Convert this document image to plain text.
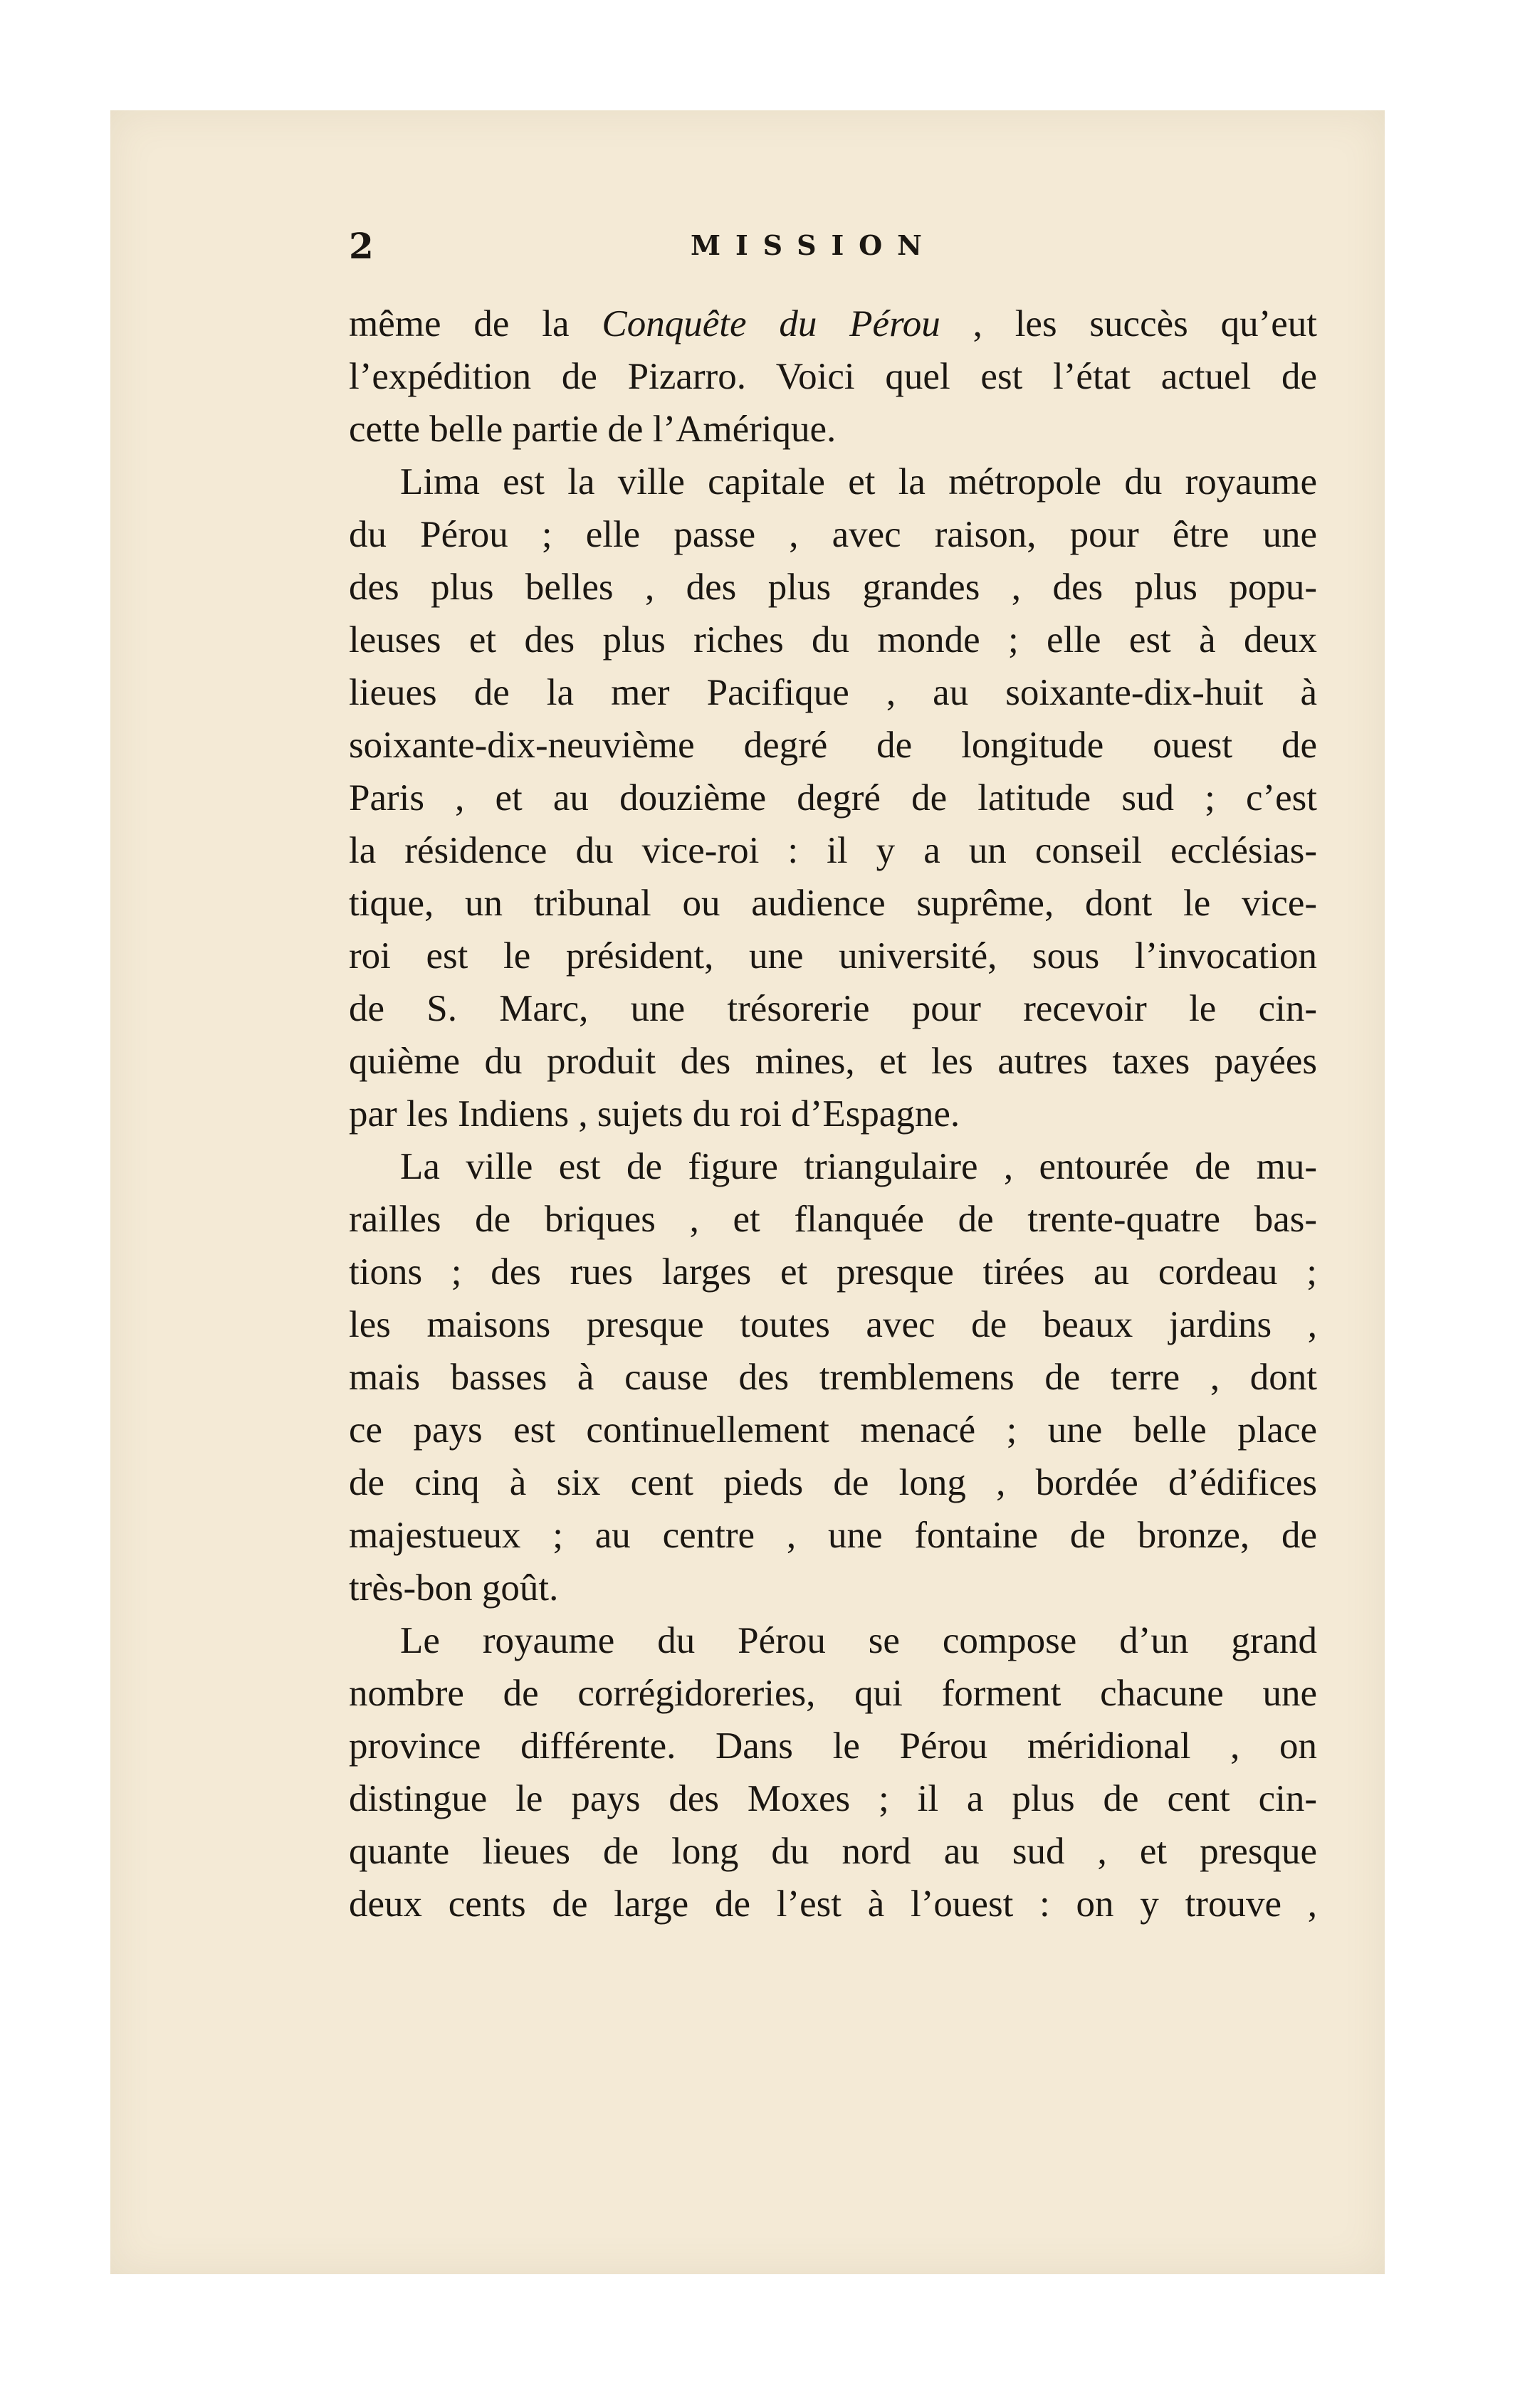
2	MISSION
même de la Conquête du Pérou , les succès qu’eut
l’expédition de Pizarro. Voici quel est l’état actuel de
cette belle partie de l’Amérique.
Lima est la ville capitale et la métropole du royaume
du Pérou ; elle passe , avec raison, pour être une
des plus belles , des plus grandes , des plus popu-
leuses et des plus riches du monde ; elle est à deux
lieues de la mer Pacifique , au soixante-dix-huit à
soixante-dix-neuvième degré de longitude ouest de
Paris , et au douzième degré de latitude sud ; c’est
la résidence du vice-roi : il y a un conseil ecclésias-
tique, un tribunal ou audience suprême, dont le vice-
roi est le président, une université, sous l’invocation
de S. Marc, une trésorerie pour recevoir le cin-
quième du produit des mines, et les autres taxes payées
par les Indiens , sujets du roi d’Espagne.
La ville est de figure triangulaire , entourée de mu-
railles de briques , et flanquée de trente-quatre bas-
tions ; des rues larges et presque tirées au cordeau ;
les maisons presque toutes avec de beaux jardins ,
mais basses à cause des tremblemens de terre , dont
ce pays est continuellement menacé ; une belle place
de cinq à six cent pieds de long , bordée d’édifices
majestueux ; au centre , une fontaine de bronze, de
très-bon goût.
Le royaume du Pérou se compose d’un grand
nombre de corrégidoreries, qui forment chacune une
province différente. Dans le Pérou méridional , on
distingue le pays des Moxes ; il a plus de cent cin-
quante lieues de long du nord au sud , et presque
deux cents de large de l’est à l’ouest : on y trouve ,
